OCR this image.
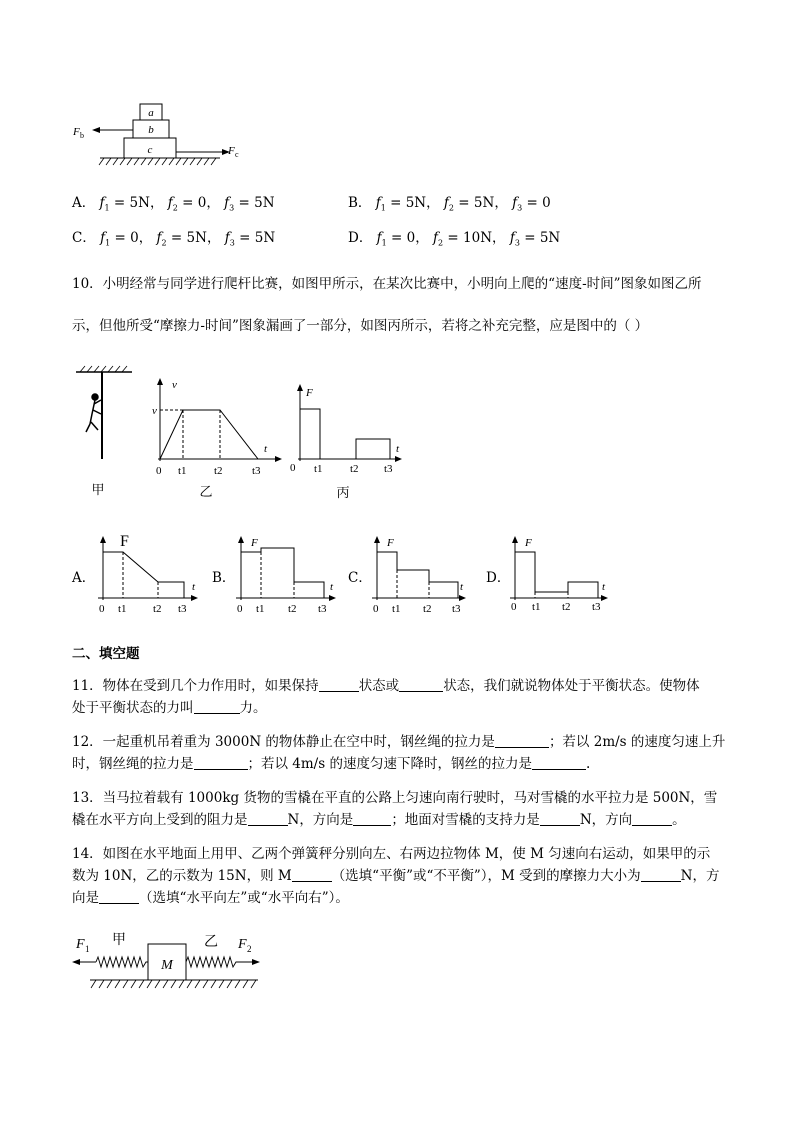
a
b
c
F b
F c
A． $f_1 = 5N$， $f_2 = 0$， $f_3 = 5N$	B． $f_1 = 5N$， $f_2 = 5N$， $f_3 = 0$
C． $f_1 = 0$， $f_2 = 5N$， $f_3 = 5N$	D． $f_1 = 0$， $f_2 = 10N$， $f_3 = 5N$
10．小明经常与同学进行爬杆比赛，如图甲所示，在某次比赛中，小明向上爬的“速度-时间”图象如图乙所
示，但他所受“摩擦力-时间”图象漏画了一部分，如图丙所示，若将之补充完整，应是图中的（ ）
甲
v
v
t
0 t1 t2	t3
乙
F
t
0 t1 t2 t3
丙
A．
F
t
0 t1 t2 t3
B．
F
t
0 t1 t2 t3
C．
F
t
0 t1 t2 t3
D．
F
t
0 t1 t2 t3
二、填空题
11．物体在受到几个力作用时，如果保持	状态或	状态，我们就说物体处于平衡状态。使物体
处于平衡状态的力叫	力。
12．一起重机吊着重为 3000N 的物体静止在空中时，钢丝绳的拉力是	；若以 2m/s 的速度匀速上升
时，钢丝绳的拉力是	；若以 4m/s 的速度匀速下降时，钢丝的拉力是	.
13．当马拉着载有 1000kg 货物的雪橇在平直的公路上匀速向南行驶时，马对雪橇的水平拉力是 500N，雪
橇在水平方向上受到的阻力是	N，方向是	；地面对雪橇的支持力是	N，方向	。
14．如图在水平地面上用甲、乙两个弹簧秤分别向左、右两边拉物体 M，使 M 匀速向右运动，如果甲的示
数为 10N，乙的示数为 15N，则 M	（选填“平衡”或“不平衡”），M 受到的摩擦力大小为	N，方
向是	（选填“水平向左”或“水平向右”）。
M
F 1
甲	乙 F 2
